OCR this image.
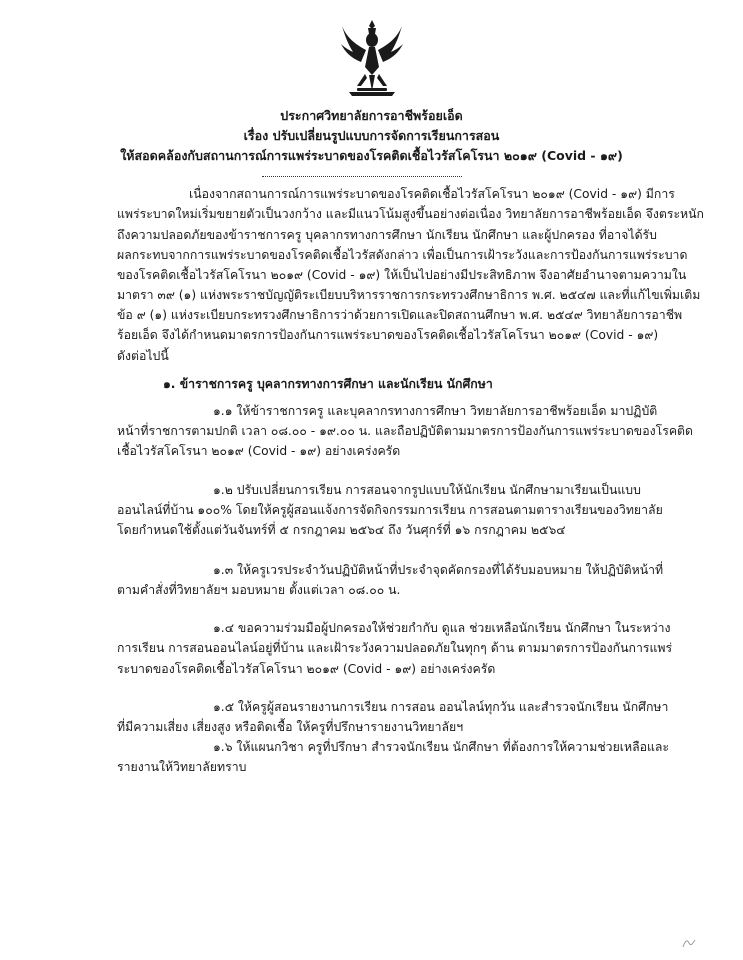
ประกาศวิทยาลัยการอาชีพร้อยเอ็ด
เรื่อง ปรับเปลี่ยนรูปแบบการจัดการเรียนการสอน
ให้สอดคล้องกับสถานการณ์การแพร่ระบาดของโรคติดเชื้อไวรัสโคโรนา ๒๐๑๙ (Covid - ๑๙)
เนื่องจากสถานการณ์การแพร่ระบาดของโรคติดเชื้อไวรัสโคโรนา ๒๐๑๙ (Covid - ๑๙) มีการ
แพร่ระบาดใหม่เริ่มขยายตัวเป็นวงกว้าง และมีแนวโน้มสูงขึ้นอย่างต่อเนื่อง วิทยาลัยการอาชีพร้อยเอ็ด จึงตระหนัก
ถึงความปลอดภัยของข้าราชการครู บุคลากรทางการศึกษา นักเรียน นักศึกษา และผู้ปกครอง ที่อาจได้รับ
ผลกระทบจากการแพร่ระบาดของโรคติดเชื้อไวรัสดังกล่าว เพื่อเป็นการเฝ้าระวังและการป้องกันการแพร่ระบาด
ของโรคติดเชื้อไวรัสโคโรนา ๒๐๑๙ (Covid - ๑๙) ให้เป็นไปอย่างมีประสิทธิภาพ จึงอาศัยอำนาจตามความใน
มาตรา ๓๙ (๑) แห่งพระราชบัญญัติระเบียบบริหารราชการกระทรวงศึกษาธิการ พ.ศ. ๒๕๔๗ และที่แก้ไขเพิ่มเติม
ข้อ ๙ (๑) แห่งระเบียบกระทรวงศึกษาธิการว่าด้วยการเปิดและปิดสถานศึกษา พ.ศ. ๒๕๔๙ วิทยาลัยการอาชีพ
ร้อยเอ็ด จึงได้กำหนดมาตรการป้องกันการแพร่ระบาดของโรคติดเชื้อไวรัสโคโรนา ๒๐๑๙ (Covid - ๑๙)
ดังต่อไปนี้
๑. ข้าราชการครู บุคลากรทางการศึกษา และนักเรียน นักศึกษา
๑.๑ ให้ข้าราชการครู และบุคลากรทางการศึกษา วิทยาลัยการอาชีพร้อยเอ็ด มาปฏิบัติ
หน้าที่ราชการตามปกติ เวลา ๐๘.๐๐ - ๑๙.๐๐ น. และถือปฏิบัติตามมาตรการป้องกันการแพร่ระบาดของโรคติด
เชื้อไวรัสโคโรนา ๒๐๑๙ (Covid - ๑๙) อย่างเคร่งครัด
๑.๒ ปรับเปลี่ยนการเรียน การสอนจากรูปแบบให้นักเรียน นักศึกษามาเรียนเป็นแบบ
ออนไลน์ที่บ้าน ๑๐๐% โดยให้ครูผู้สอนแจ้งการจัดกิจกรรมการเรียน การสอนตามตารางเรียนของวิทยาลัย
โดยกำหนดใช้ตั้งแต่วันจันทร์ที่ ๕ กรกฎาคม ๒๕๖๔ ถึง วันศุกร์ที่ ๑๖ กรกฎาคม ๒๕๖๔
๑.๓ ให้ครูเวรประจำวันปฏิบัติหน้าที่ประจำจุดคัดกรองที่ได้รับมอบหมาย ให้ปฏิบัติหน้าที่
ตามคำสั่งที่วิทยาลัยฯ มอบหมาย ตั้งแต่เวลา ๐๘.๐๐ น.
๑.๔ ขอความร่วมมือผู้ปกครองให้ช่วยกำกับ ดูแล ช่วยเหลือนักเรียน นักศึกษา ในระหว่าง
การเรียน การสอนออนไลน์อยู่ที่บ้าน และเฝ้าระวังความปลอดภัยในทุกๆ ด้าน ตามมาตรการป้องกันการแพร่
ระบาดของโรคติดเชื้อไวรัสโคโรนา ๒๐๑๙ (Covid - ๑๙) อย่างเคร่งครัด
๑.๕ ให้ครูผู้สอนรายงานการเรียน การสอน ออนไลน์ทุกวัน และสำรวจนักเรียน นักศึกษา
ที่มีความเสี่ยง เสี่ยงสูง หรือติดเชื้อ ให้ครูที่ปรึกษารายงานวิทยาลัยฯ
๑.๖ ให้แผนกวิชา ครูที่ปรึกษา สำรวจนักเรียน นักศึกษา ที่ต้องการให้ความช่วยเหลือและ
รายงานให้วิทยาลัยทราบ
